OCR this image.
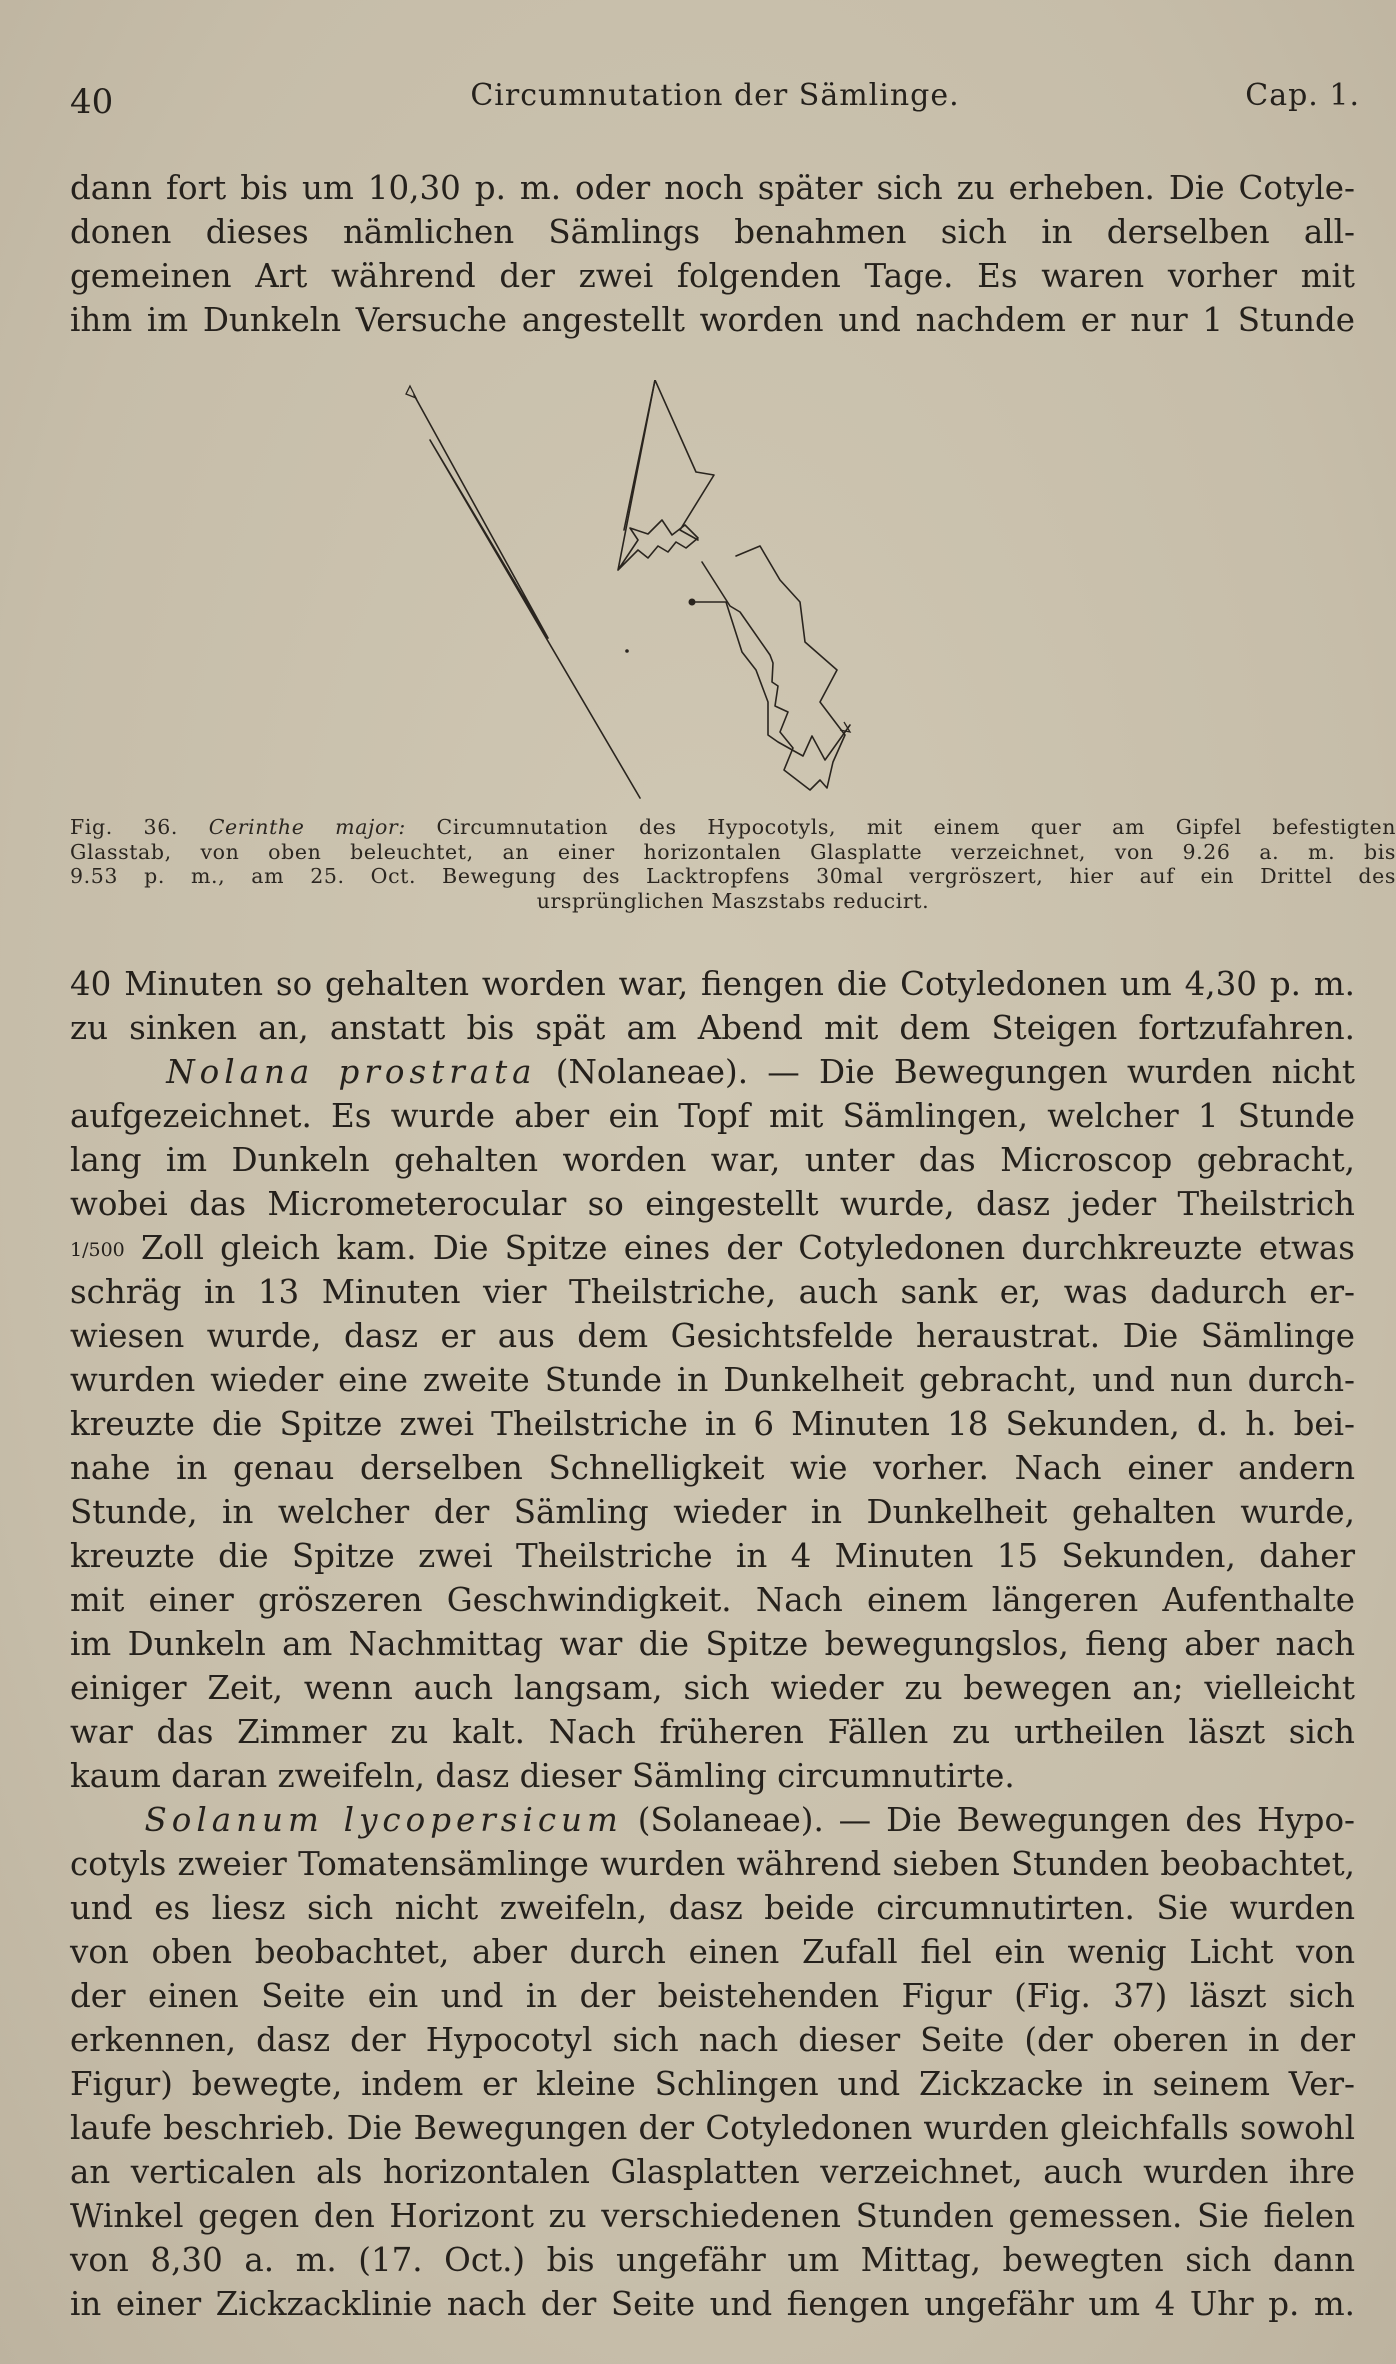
40	Circumnutation der Sämlinge.	Cap. 1.
dann fort bis um 10,30 p. m. oder noch später sich zu erheben. Die Cotyle-
donen dieses nämlichen Sämlings benahmen sich in derselben all-
gemeinen Art während der zwei folgenden Tage. Es waren vorher mit
ihm im Dunkeln Versuche angestellt worden und nachdem er nur 1 Stunde
Fig. 36. Cerinthe major: Circumnutation des Hypocotyls, mit einem quer am Gipfel befestigten
Glasstab, von oben beleuchtet, an einer horizontalen Glasplatte verzeichnet, von 9.26 a. m. bis
9.53 p. m., am 25. Oct. Bewegung des Lacktropfens 30mal vergröszert, hier auf ein Drittel des
ursprünglichen Maszstabs reducirt.
40 Minuten so gehalten worden war, fiengen die Cotyledonen um 4,30 p. m.
zu sinken an, anstatt bis spät am Abend mit dem Steigen fortzufahren.
Nolana prostrata (Nolaneae). — Die Bewegungen wurden nicht
aufgezeichnet. Es wurde aber ein Topf mit Sämlingen, welcher 1 Stunde
lang im Dunkeln gehalten worden war, unter das Microscop gebracht,
wobei das Micrometerocular so eingestellt wurde, dasz jeder Theilstrich
1/500 Zoll gleich kam. Die Spitze eines der Cotyledonen durchkreuzte etwas
schräg in 13 Minuten vier Theilstriche, auch sank er, was dadurch er-
wiesen wurde, dasz er aus dem Gesichtsfelde heraustrat. Die Sämlinge
wurden wieder eine zweite Stunde in Dunkelheit gebracht, und nun durch-
kreuzte die Spitze zwei Theilstriche in 6 Minuten 18 Sekunden, d. h. bei-
nahe in genau derselben Schnelligkeit wie vorher. Nach einer andern
Stunde, in welcher der Sämling wieder in Dunkelheit gehalten wurde,
kreuzte die Spitze zwei Theilstriche in 4 Minuten 15 Sekunden, daher
mit einer gröszeren Geschwindigkeit. Nach einem längeren Aufenthalte
im Dunkeln am Nachmittag war die Spitze bewegungslos, fieng aber nach
einiger Zeit, wenn auch langsam, sich wieder zu bewegen an; vielleicht
war das Zimmer zu kalt. Nach früheren Fällen zu urtheilen läszt sich
kaum daran zweifeln, dasz dieser Sämling circumnutirte.
Solanum lycopersicum (Solaneae). — Die Bewegungen des Hypo-
cotyls zweier Tomatensämlinge wurden während sieben Stunden beobachtet,
und es liesz sich nicht zweifeln, dasz beide circumnutirten. Sie wurden
von oben beobachtet, aber durch einen Zufall fiel ein wenig Licht von
der einen Seite ein und in der beistehenden Figur (Fig. 37) läszt sich
erkennen, dasz der Hypocotyl sich nach dieser Seite (der oberen in der
Figur) bewegte, indem er kleine Schlingen und Zickzacke in seinem Ver-
laufe beschrieb. Die Bewegungen der Cotyledonen wurden gleichfalls sowohl
an verticalen als horizontalen Glasplatten verzeichnet, auch wurden ihre
Winkel gegen den Horizont zu verschiedenen Stunden gemessen. Sie fielen
von 8,30 a. m. (17. Oct.) bis ungefähr um Mittag, bewegten sich dann
in einer Zickzacklinie nach der Seite und fiengen ungefähr um 4 Uhr p. m.
